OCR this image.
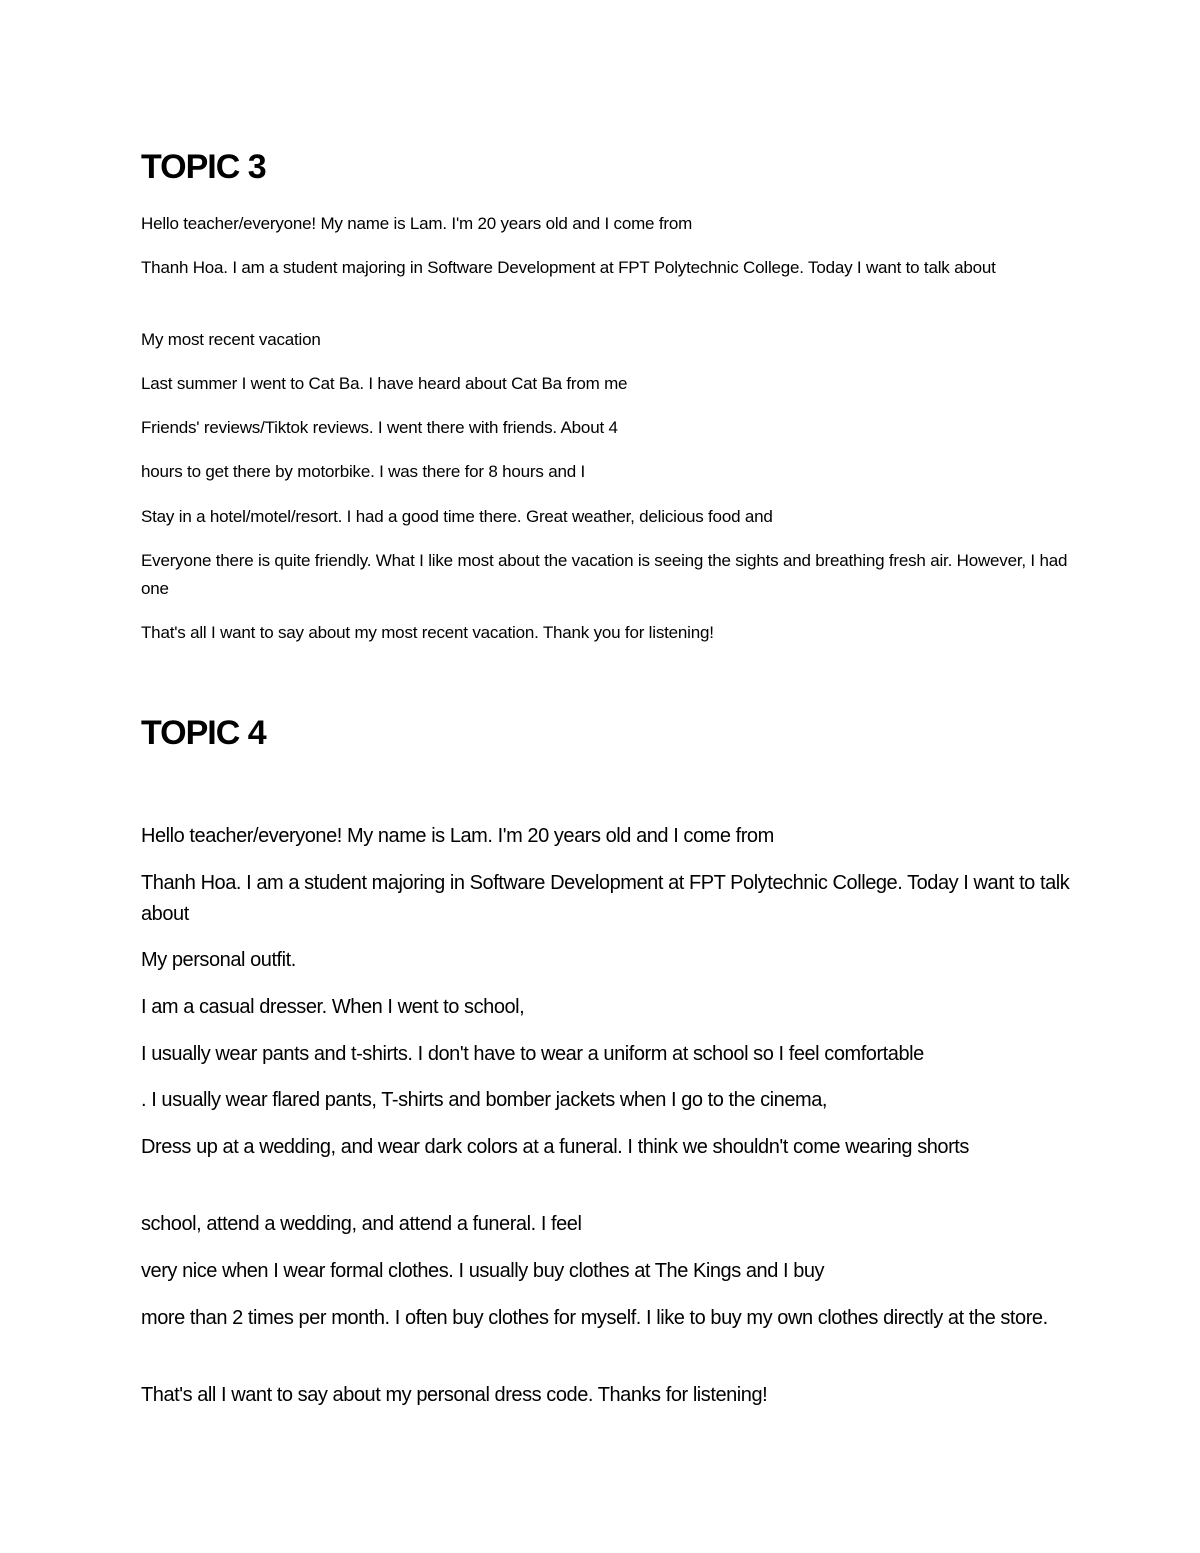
TOPIC 3

Hello teacher/everyone! My name is Lam. I'm 20 years old and I come from

Thanh Hoa. I am a student majoring in Software Development at FPT Polytechnic College. Today I want to talk about

My most recent vacation

Last summer I went to Cat Ba. I have heard about Cat Ba from me

Friends' reviews/Tiktok reviews. I went there with friends. About 4

hours to get there by motorbike. I was there for 8 hours and I

Stay in a hotel/motel/resort. I had a good time there. Great weather, delicious food and

Everyone there is quite friendly. What I like most about the vacation is seeing the sights and breathing fresh air. However, I had one

That's all I want to say about my most recent vacation. Thank you for listening!

TOPIC 4

Hello teacher/everyone! My name is Lam. I'm 20 years old and I come from

Thanh Hoa. I am a student majoring in Software Development at FPT Polytechnic College. Today I want to talk about

My personal outfit.

I am a casual dresser. When I went to school,

I usually wear pants and t-shirts. I don't have to wear a uniform at school so I feel comfortable

. I usually wear flared pants, T-shirts and bomber jackets when I go to the cinema,

Dress up at a wedding, and wear dark colors at a funeral. I think we shouldn't come wearing shorts

school, attend a wedding, and attend a funeral. I feel

very nice when I wear formal clothes. I usually buy clothes at The Kings and I buy

more than 2 times per month. I often buy clothes for myself. I like to buy my own clothes directly at the store.

That's all I want to say about my personal dress code. Thanks for listening!
